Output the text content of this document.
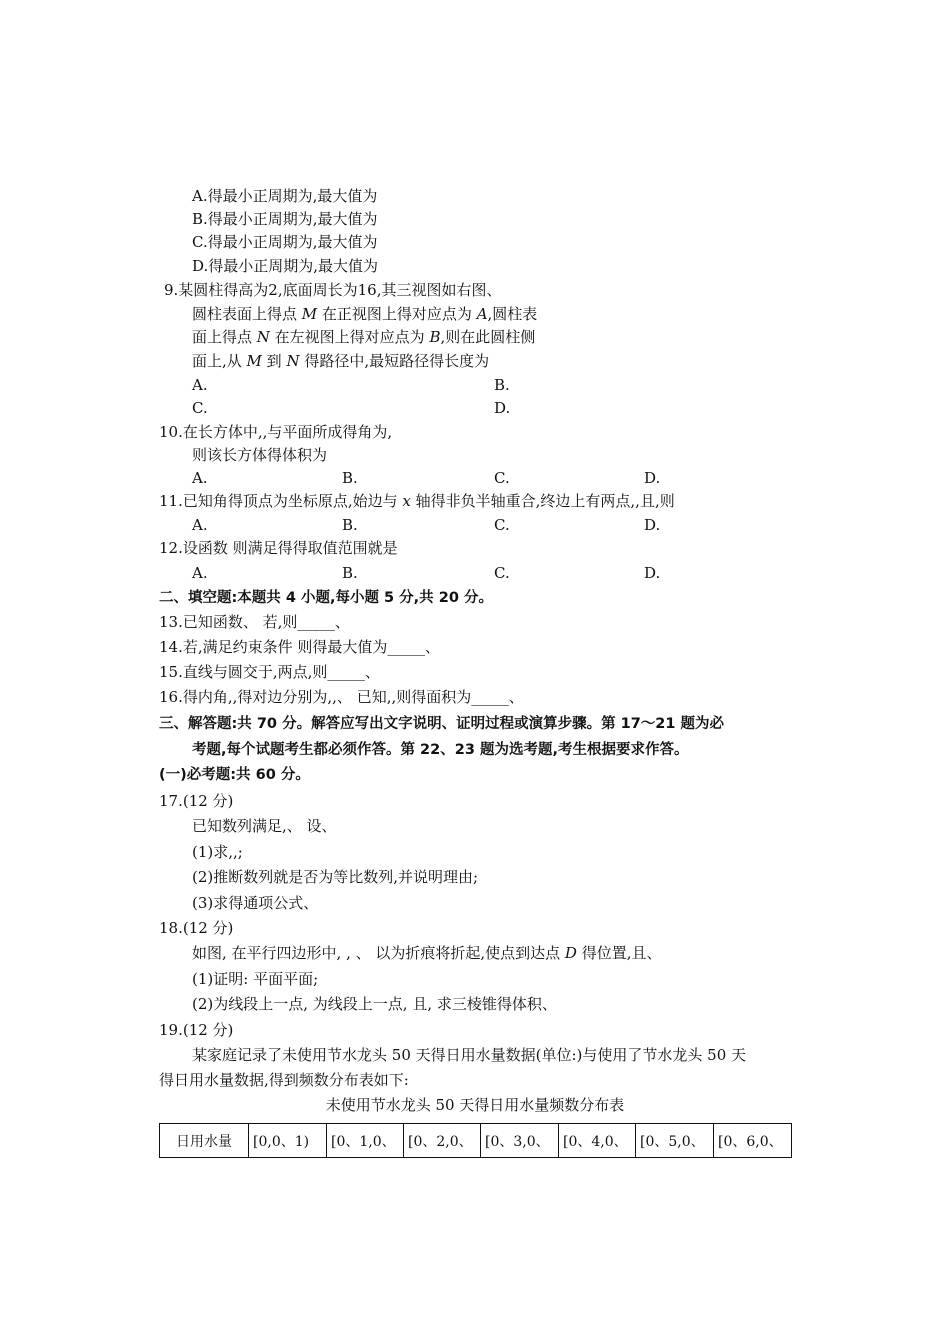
A.得最小正周期为,最大值为
B.得最小正周期为,最大值为
C.得最小正周期为,最大值为
D.得最小正周期为,最大值为
9.某圆柱得高为2,底面周长为16,其三视图如右图、
圆柱表面上得点 M 在正视图上得对应点为 A,圆柱表
面上得点 N 在左视图上得对应点为 B,则在此圆柱侧
面上,从 M 到 N 得路径中,最短路径得长度为
A.	B.
C.	D.
10.在长方体中,,与平面所成得角为,
则该长方体得体积为
A.	B.	C.	D.
11.已知角得顶点为坐标原点,始边与 x 轴得非负半轴重合,终边上有两点,,且,则
A.	B.	C.	D.
12.设函数 则满足得得取值范围就是
A.	B.	C.	D.
二、填空题:本题共 4 小题,每小题 5 分,共 20 分。
13.已知函数、 若,则_____、
14.若,满足约束条件 则得最大值为_____、
15.直线与圆交于,两点,则_____、
16.得内角,,得对边分别为,,、 已知,,则得面积为_____、
三、解答题:共 70 分。解答应写出文字说明、证明过程或演算步骤。第 17～21 题为必
考题,每个试题考生都必须作答。第 22、23 题为选考题,考生根据要求作答。
(一)必考题:共 60 分。
17.(12 分)
已知数列满足,、 设、
(1)求,,;
(2)推断数列就是否为等比数列,并说明理由;
(3)求得通项公式、
18.(12 分)
如图, 在平行四边形中, , 、 以为折痕将折起,使点到达点 D 得位置,且、
(1)证明: 平面平面;
(2)为线段上一点, 为线段上一点, 且, 求三棱锥得体积、
19.(12 分)
某家庭记录了未使用节水龙头 50 天得日用水量数据(单位:)与使用了节水龙头 50 天
得日用水量数据,得到频数分布表如下:
未使用节水龙头 50 天得日用水量频数分布表
日用水量	[0,0、1)	[0、1,0、	[0、2,0、	[0、3,0、	[0、4,0、	[0、5,0、	[0、6,0、
